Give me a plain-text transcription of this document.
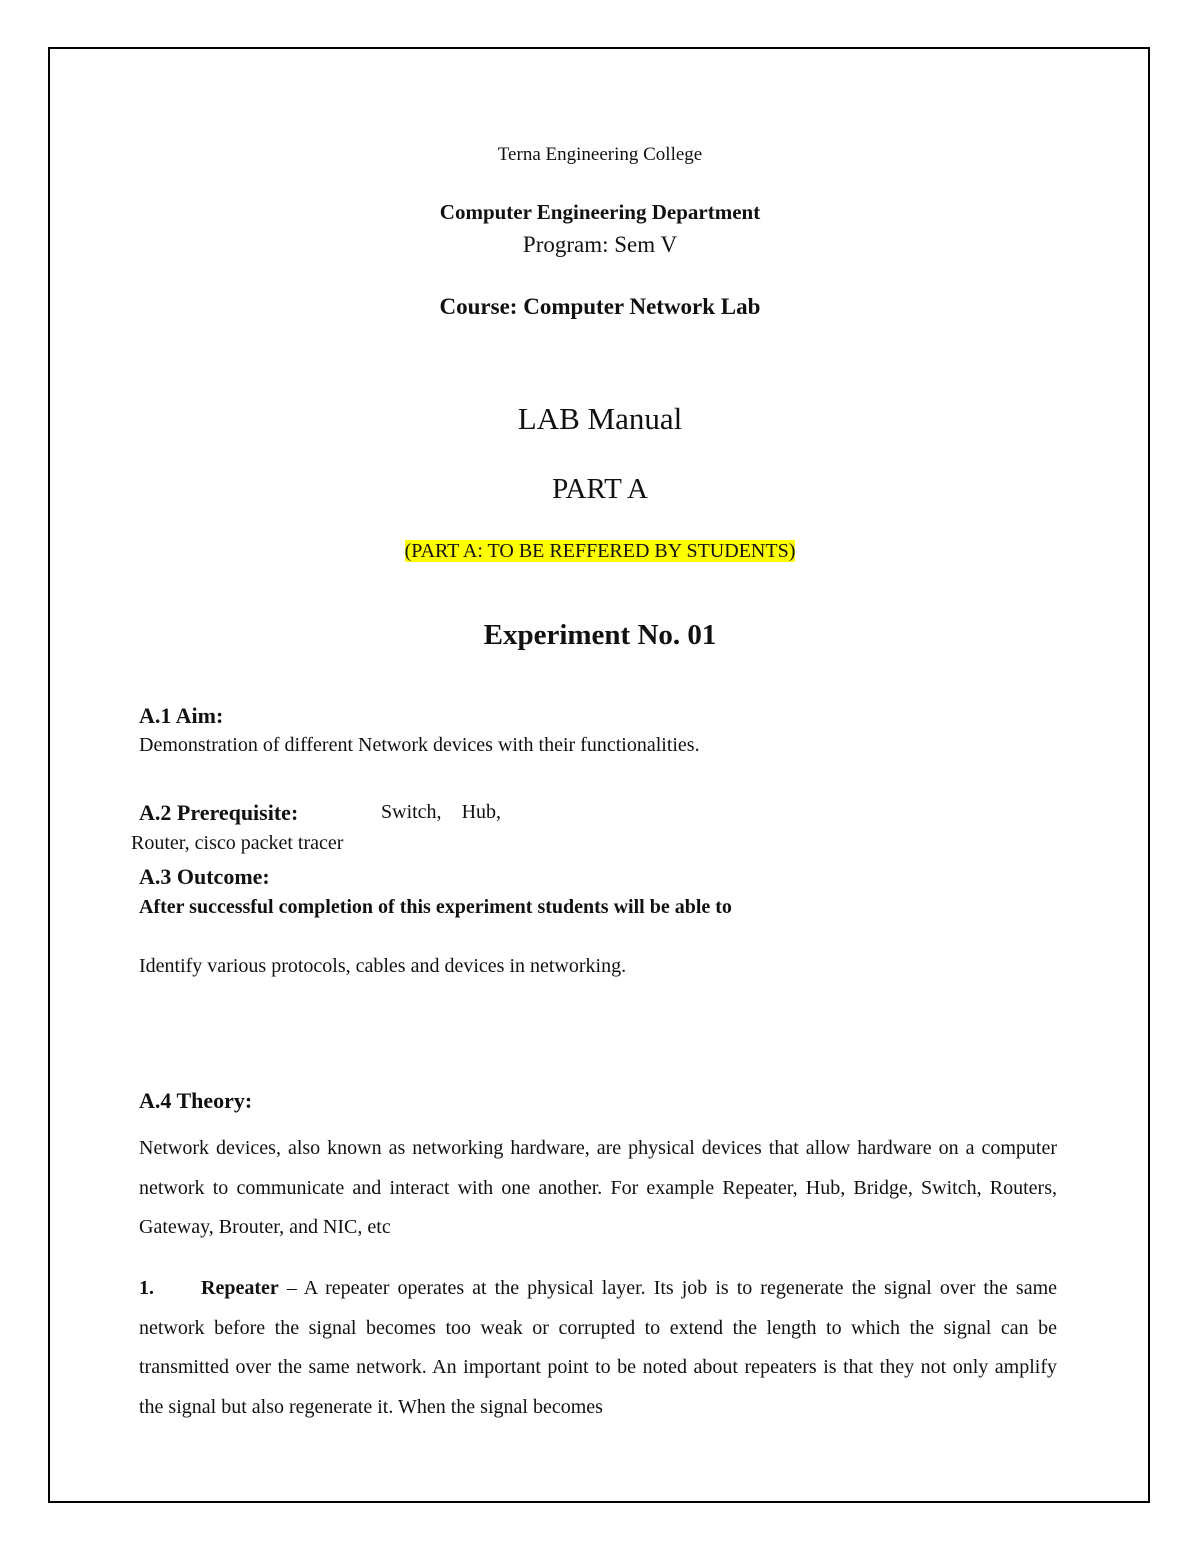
Terna Engineering College
Computer Engineering Department
Program: Sem V
Course: Computer Network Lab
LAB Manual
PART A
(PART A: TO BE REFFERED BY STUDENTS)
Experiment No. 01
A.1 Aim:
Demonstration of different Network devices with their functionalities.
A.2 Prerequisite:	Switch, Hub,
Router, cisco packet tracer
A.3 Outcome:
After successful completion of this experiment students will be able to
Identify various protocols, cables and devices in networking.
A.4 Theory:
Network devices, also known as networking hardware, are physical devices that allow hardware on a computer network to communicate and interact with one another. For example Repeater, Hub, Bridge, Switch, Routers, Gateway, Brouter, and NIC, etc
1. Repeater – A repeater operates at the physical layer. Its job is to regenerate the signal over the same network before the signal becomes too weak or corrupted to extend the length to which the signal can be transmitted over the same network. An important point to be noted about repeaters is that they not only amplify the signal but also regenerate it. When the signal becomes
